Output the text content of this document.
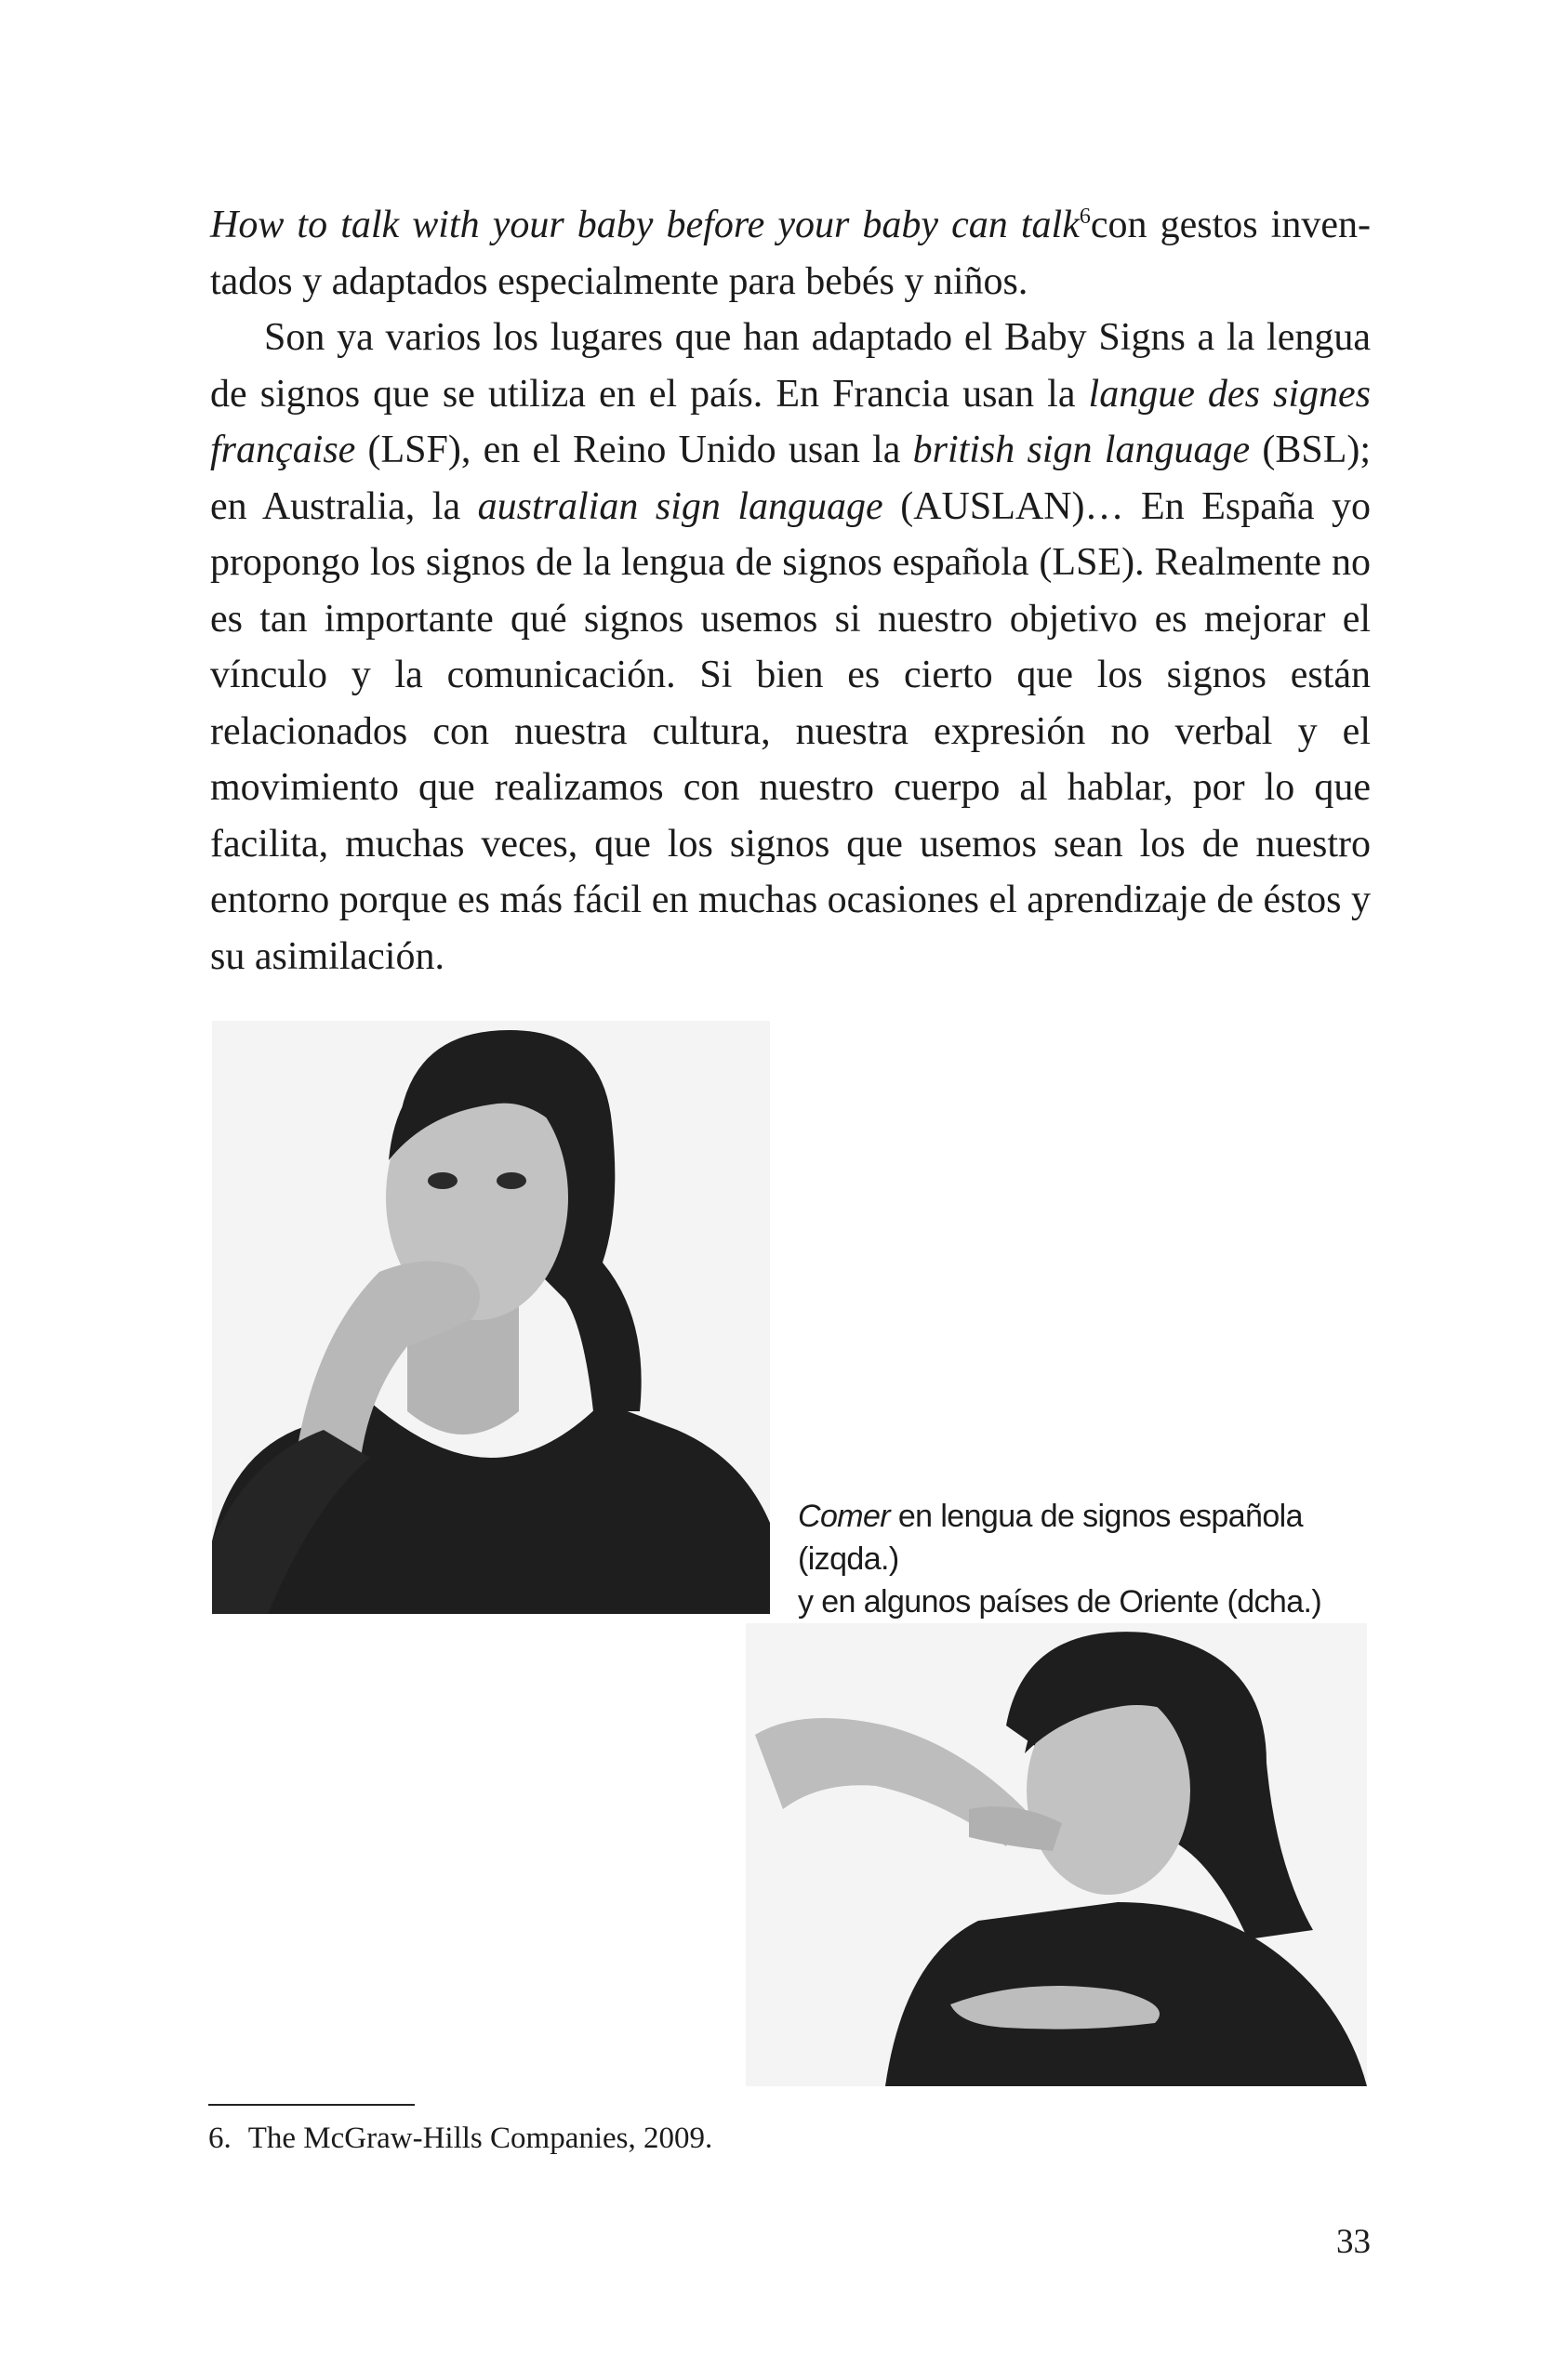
How to talk with your baby before your baby can talk$^6$con gestos inventados y adaptados especialmente para bebés y niños.

Son ya varios los lugares que han adaptado el Baby Signs a la lengua de signos que se utiliza en el país. En Francia usan la langue des signes française (LSF), en el Reino Unido usan la british sign language (BSL); en Australia, la australian sign language (AUSLAN)… En España yo propongo los signos de la lengua de signos española (LSE). Realmente no es tan importante qué signos usemos si nuestro objetivo es mejorar el vínculo y la comunicación. Si bien es cierto que los signos están relacionados con nuestra cultura, nuestra expresión no verbal y el movimiento que realizamos con nuestro cuerpo al hablar, por lo que facilita, muchas veces, que los signos que usemos sean los de nuestro entorno porque es más fácil en muchas ocasiones el aprendizaje de éstos y su asimilación.

Comer en lengua de signos española (izqda.)
y en algunos países de Oriente (dcha.)
6. The McGraw-Hills Companies, 2009.
33
